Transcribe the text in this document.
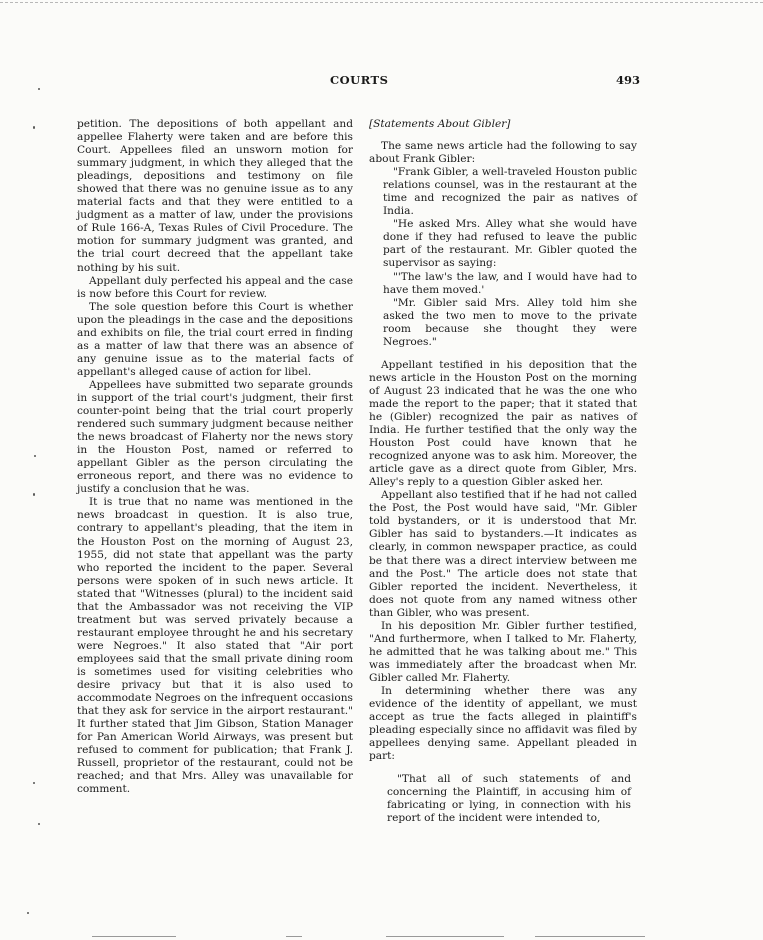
COURTS	493

petition. The depositions of both appellant and appellee Flaherty were taken and are before this Court. Appellees filed an unsworn motion for summary judgment, in which they alleged that the pleadings, depositions and testimony on file showed that there was no genuine issue as to any material facts and that they were entitled to a judgment as a matter of law, under the provisions of Rule 166-A, Texas Rules of Civil Procedure. The motion for summary judgment was granted, and the trial court decreed that the appellant take nothing by his suit.

Appellant duly perfected his appeal and the case is now before this Court for review.

The sole question before this Court is whether upon the pleadings in the case and the depositions and exhibits on file, the trial court erred in finding as a matter of law that there was an absence of any genuine issue as to the material facts of appellant's alleged cause of action for libel.

Appellees have submitted two separate grounds in support of the trial court's judgment, their first counter-point being that the trial court properly rendered such summary judgment because neither the news broadcast of Flaherty nor the news story in the Houston Post, named or referred to appellant Gibler as the person circulating the erroneous report, and there was no evidence to justify a conclusion that he was.

It is true that no name was mentioned in the news broadcast in question. It is also true, contrary to appellant's pleading, that the item in the Houston Post on the morning of August 23, 1955, did not state that appellant was the party who reported the incident to the paper. Several persons were spoken of in such news article. It stated that "Witnesses (plural) to the incident said that the Ambassador was not receiving the VIP treatment but was served privately because a restaurant employee throught he and his secretary were Negroes." It also stated that "Air port employees said that the small private dining room is sometimes used for visiting celebrities who desire privacy but that it is also used to accommodate Negroes on the infrequent occasions that they ask for service in the airport restaurant." It further stated that Jim Gibson, Station Manager for Pan American World Airways, was present but refused to comment for publication; that Frank J. Russell, proprietor of the restaurant, could not be reached; and that Mrs. Alley was unavailable for comment.

[Statements About Gibler]

The same news article had the following to say about Frank Gibler:

"Frank Gibler, a well-traveled Houston public relations counsel, was in the restaurant at the time and recognized the pair as natives of India.

"He asked Mrs. Alley what she would have done if they had refused to leave the public part of the restaurant. Mr. Gibler quoted the supervisor as saying:

"'The law's the law, and I would have had to have them moved.'

"Mr. Gibler said Mrs. Alley told him she asked the two men to move to the private room because she thought they were Negroes."

Appellant testified in his deposition that the news article in the Houston Post on the morning of August 23 indicated that he was the one who made the report to the paper; that it stated that he (Gibler) recognized the pair as natives of India. He further testified that the only way the Houston Post could have known that he recognized anyone was to ask him. Moreover, the article gave as a direct quote from Gibler, Mrs. Alley's reply to a question Gibler asked her.

Appellant also testified that if he had not called the Post, the Post would have said, "Mr. Gibler told bystanders, or it is understood that Mr. Gibler has said to bystanders.—It indicates as clearly, in common newspaper practice, as could be that there was a direct interview between me and the Post." The article does not state that Gibler reported the incident. Nevertheless, it does not quote from any named witness other than Gibler, who was present.

In his deposition Mr. Gibler further testified, "And furthermore, when I talked to Mr. Flaherty, he admitted that he was talking about me." This was immediately after the broadcast when Mr. Gibler called Mr. Flaherty.

In determining whether there was any evidence of the identity of appellant, we must accept as true the facts alleged in plaintiff's pleading especially since no affidavit was filed by appellees denying same. Appellant pleaded in part:

"That all of such statements of and concerning the Plaintiff, in accusing him of fabricating or lying, in connection with his report of the incident were intended to,
